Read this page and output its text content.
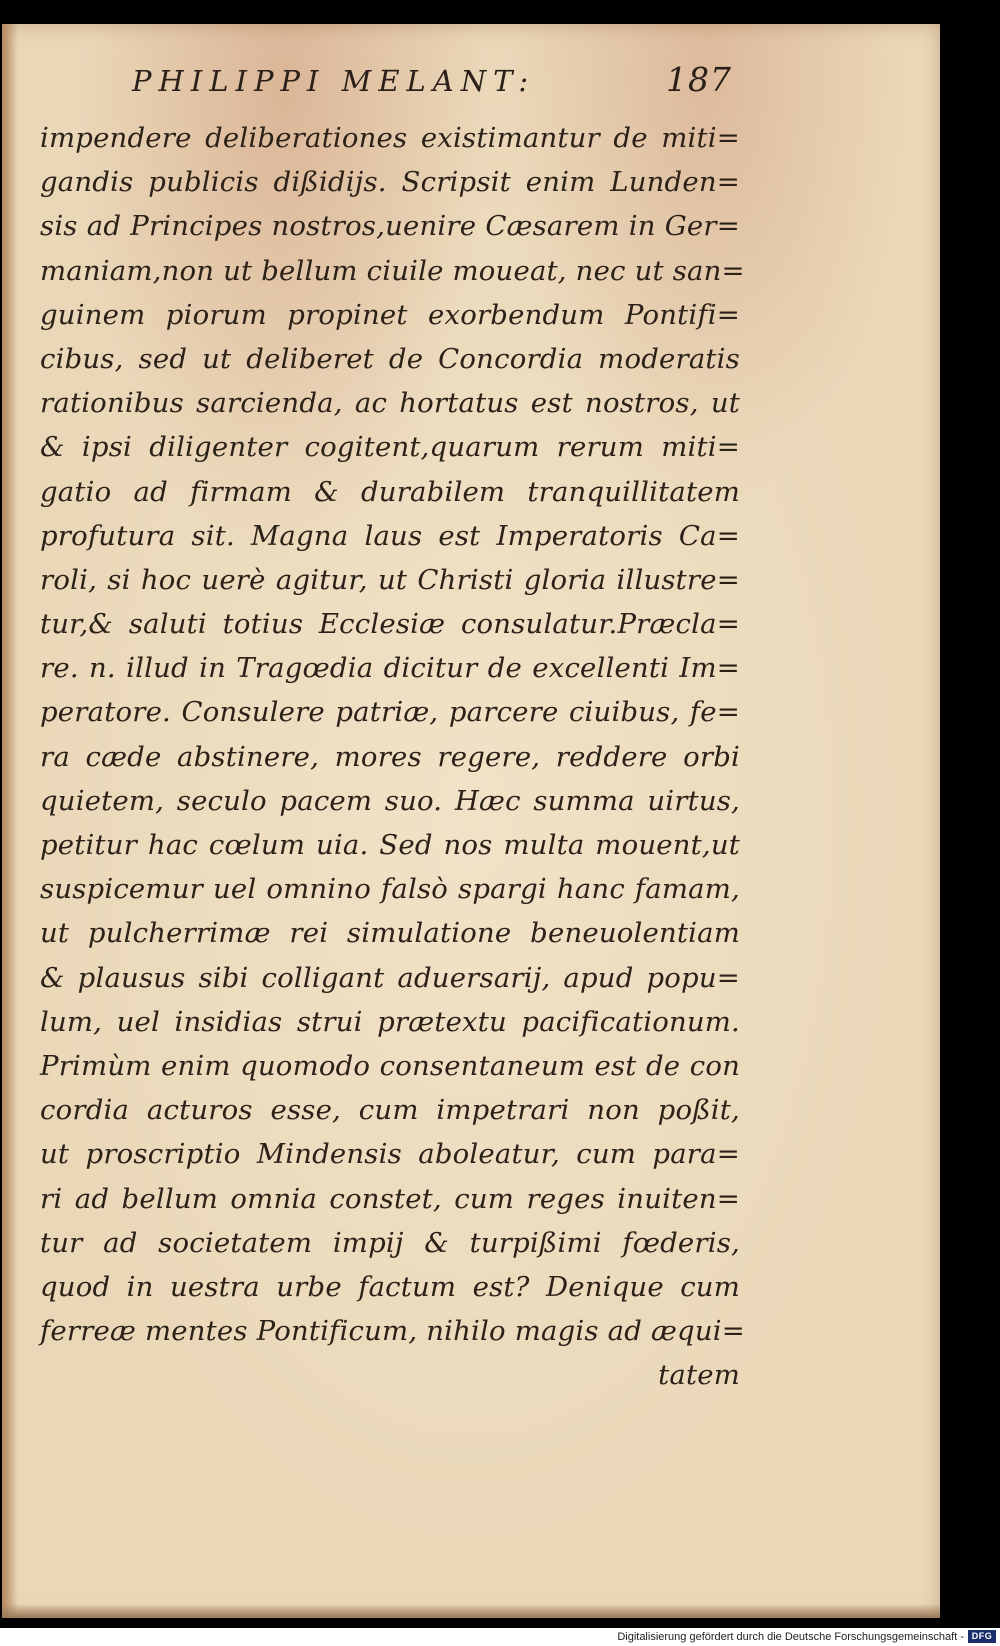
PHILIPPI MELANT:	187
impendere deliberationes existimantur de miti=
gandis publicis dißidijs. Scripsit enim Lunden=
sis ad Principes nostros,uenire Cæsarem in Ger=
maniam,non ut bellum ciuile moueat, nec ut san=
guinem piorum propinet exorbendum Pontifi=
cibus, sed ut deliberet de Concordia moderatis
rationibus sarcienda, ac hortatus est nostros, ut
& ipsi diligenter cogitent,quarum rerum miti=
gatio ad firmam & durabilem tranquillitatem
profutura sit. Magna laus est Imperatoris Ca=
roli, si hoc uerè agitur, ut Christi gloria illustre=
tur,& saluti totius Ecclesiæ consulatur.Præcla=
re. n. illud in Tragœdia dicitur de excellenti Im=
peratore. Consulere patriæ, parcere ciuibus, fe=
ra cæde abstinere, mores regere, reddere orbi
quietem, seculo pacem suo. Hæc summa uirtus,
petitur hac cœlum uia. Sed nos multa mouent,ut
suspicemur uel omnino falsò spargi hanc famam,
ut pulcherrimæ rei simulatione beneuolentiam
& plausus sibi colligant aduersarij, apud popu=
lum, uel insidias strui prætextu pacificationum.
Primùm enim quomodo consentaneum est de con
cordia acturos esse, cum impetrari non poßit,
ut proscriptio Mindensis aboleatur, cum para=
ri ad bellum omnia constet, cum reges inuiten=
tur ad societatem impij & turpißimi fœderis,
quod in uestra urbe factum est? Denique cum
ferreæ mentes Pontificum, nihilo magis ad æqui=
tatem
Digitalisierung gefördert durch die Deutsche Forschungsgemeinschaft - DFG
